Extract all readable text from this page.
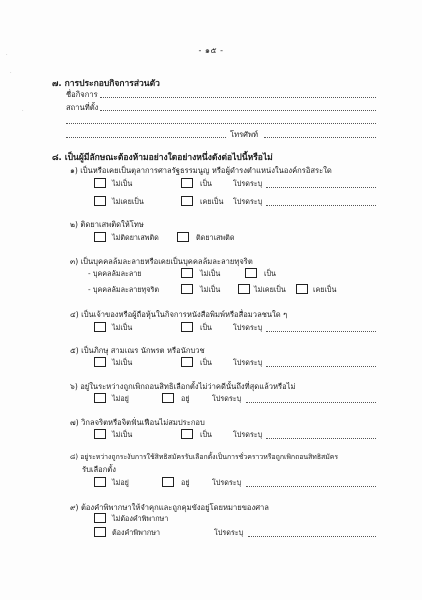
- ๑๕ -
๗. การประกอบกิจการส่วนตัว
ชื่อกิจการ
สถานที่ตั้ง
โทรศัพท์
๘. เป็นผู้มีลักษณะต้องห้ามอย่างใดอย่างหนึ่งดังต่อไปนี้หรือไม่
๑) เป็นหรือเคยเป็นตุลาการศาลรัฐธรรมนูญ หรือผู้ดำรงตำแหน่งในองค์กรอิสระใด
ไม่เป็น	เป็น	โปรดระบุ
ไม่เคยเป็น	เคยเป็น โปรดระบุ
๒) ติดยาเสพติดให้โทษ
ไม่ติดยาเสพติด	ติดยาเสพติด
๓) เป็นบุคคลล้มละลายหรือเคยเป็นบุคคลล้มละลายทุจริต
- บุคคลล้มละลาย	ไม่เป็น	เป็น
- บุคคลล้มละลายทุจริต	ไม่เป็น	ไม่เคยเป็น	เคยเป็น
๔) เป็นเจ้าของหรือผู้ถือหุ้นในกิจการหนังสือพิมพ์หรือสื่อมวลชนใด ๆ
ไม่เป็น	เป็น	โปรดระบุ
๕) เป็นภิกษุ สามเณร นักพรต หรือนักบวช
ไม่เป็น	เป็น	โปรดระบุ
๖) อยู่ในระหว่างถูกเพิกถอนสิทธิเลือกตั้งไม่ว่าคดีนั้นถึงที่สุดแล้วหรือไม่
ไม่อยู่	อยู่	โปรดระบุ
๗) วิกลจริตหรือจิตฟั่นเฟือนไม่สมประกอบ
ไม่เป็น	เป็น	โปรดระบุ
๘) อยู่ระหว่างถูกระงับการใช้สิทธิสมัครรับเลือกตั้งเป็นการชั่วคราวหรือถูกเพิกถอนสิทธิสมัคร
รับเลือกตั้ง
ไม่อยู่	อยู่	โปรดระบุ
๙) ต้องคำพิพากษาให้จำคุกและถูกคุมขังอยู่โดยหมายของศาล
ไม่ต้องคำพิพากษา
ต้องคำพิพากษา	โปรดระบุ
·
·
·
